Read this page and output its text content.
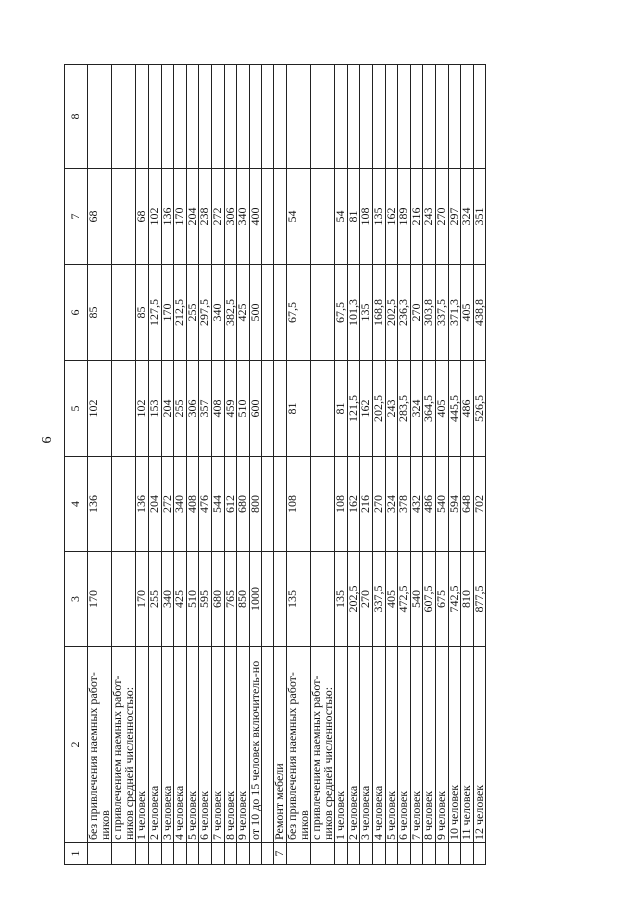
6
1	2	3	4	5	6	7	8
	без привлечения наемных работ-ников	170	136	102	85	68	
	с привлечением наемных работ-ников средней численностью:						
	1 человек	170	136	102	85	68	
	2 человека	255	204	153	127,5	102	
	3 человека	340	272	204	170	136	
	4 человека	425	340	255	212,5	170	
	5 человек	510	408	306	255	204	
	6 человек	595	476	357	297,5	238	
	7 человек	680	544	408	340	272	
	8 человек	765	612	459	382,5	306	
	9 человек	850	680	510	425	340	
	от 10 до 15 человек включитель-но	1000	800	600	500	400	

7	Ремонт мебели						
	без привлечения наемных работ-ников	135	108	81	67,5	54	
	с привлечением наемных работ-ников средней численностью:						
	1 человек	135	108	81	67,5	54	
	2 человека	202,5	162	121,5	101,3	81	
	3 человека	270	216	162	135	108	
	4 человека	337,5	270	202,5	168,8	135	
	5 человек	405	324	243	202,5	162	
	6 человек	472,5	378	283,5	236,3	189	
	7 человек	540	432	324	270	216	
	8 человек	607,5	486	364,5	303,8	243	
	9 человек	675	540	405	337,5	270	
	10 человек	742,5	594	445,5	371,3	297	
	11 человек	810	648	486	405	324	
	12 человек	877,5	702	526,5	438,8	351	
